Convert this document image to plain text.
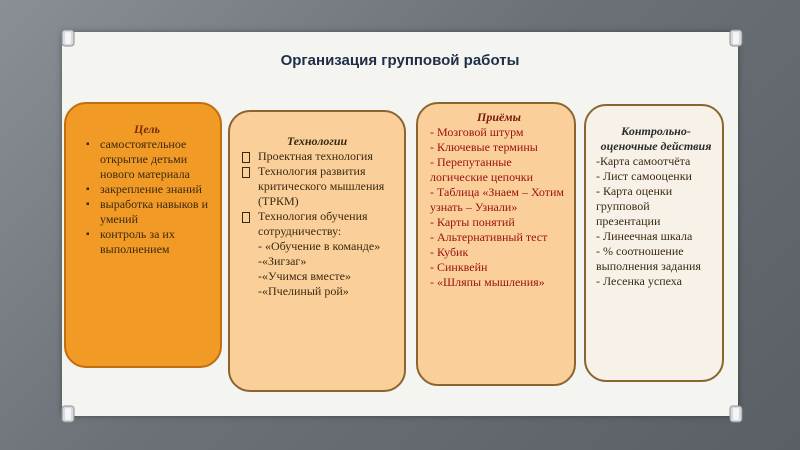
Организация групповой работы
Цель
▪ самостоятельное открытие детьми нового материала
▪ закрепление знаний
▪ выработка навыков и умений
▪ контроль за их выполнением
Технологии
Проектная технология
Технология развития критического мышления (ТРКМ)
Технология обучения сотрудничеству:
- «Обучение в команде»
-«Зигзаг»
-«Учимся вместе»
-«Пчелиный рой»
Приёмы
- Мозговой штурм
- Ключевые термины
- Перепутанные логические цепочки
- Таблица «Знаем – Хотим узнать – Узнали»
- Карты понятий
- Альтернативный тест
- Кубик
- Синквейн
- «Шляпы мышления»
Контрольно-оценочные действия
-Карта самоотчёта
- Лист самооценки
- Карта оценки групповой презентации
- Линеечная шкала
- % соотношение выполнения задания
- Лесенка успеха
